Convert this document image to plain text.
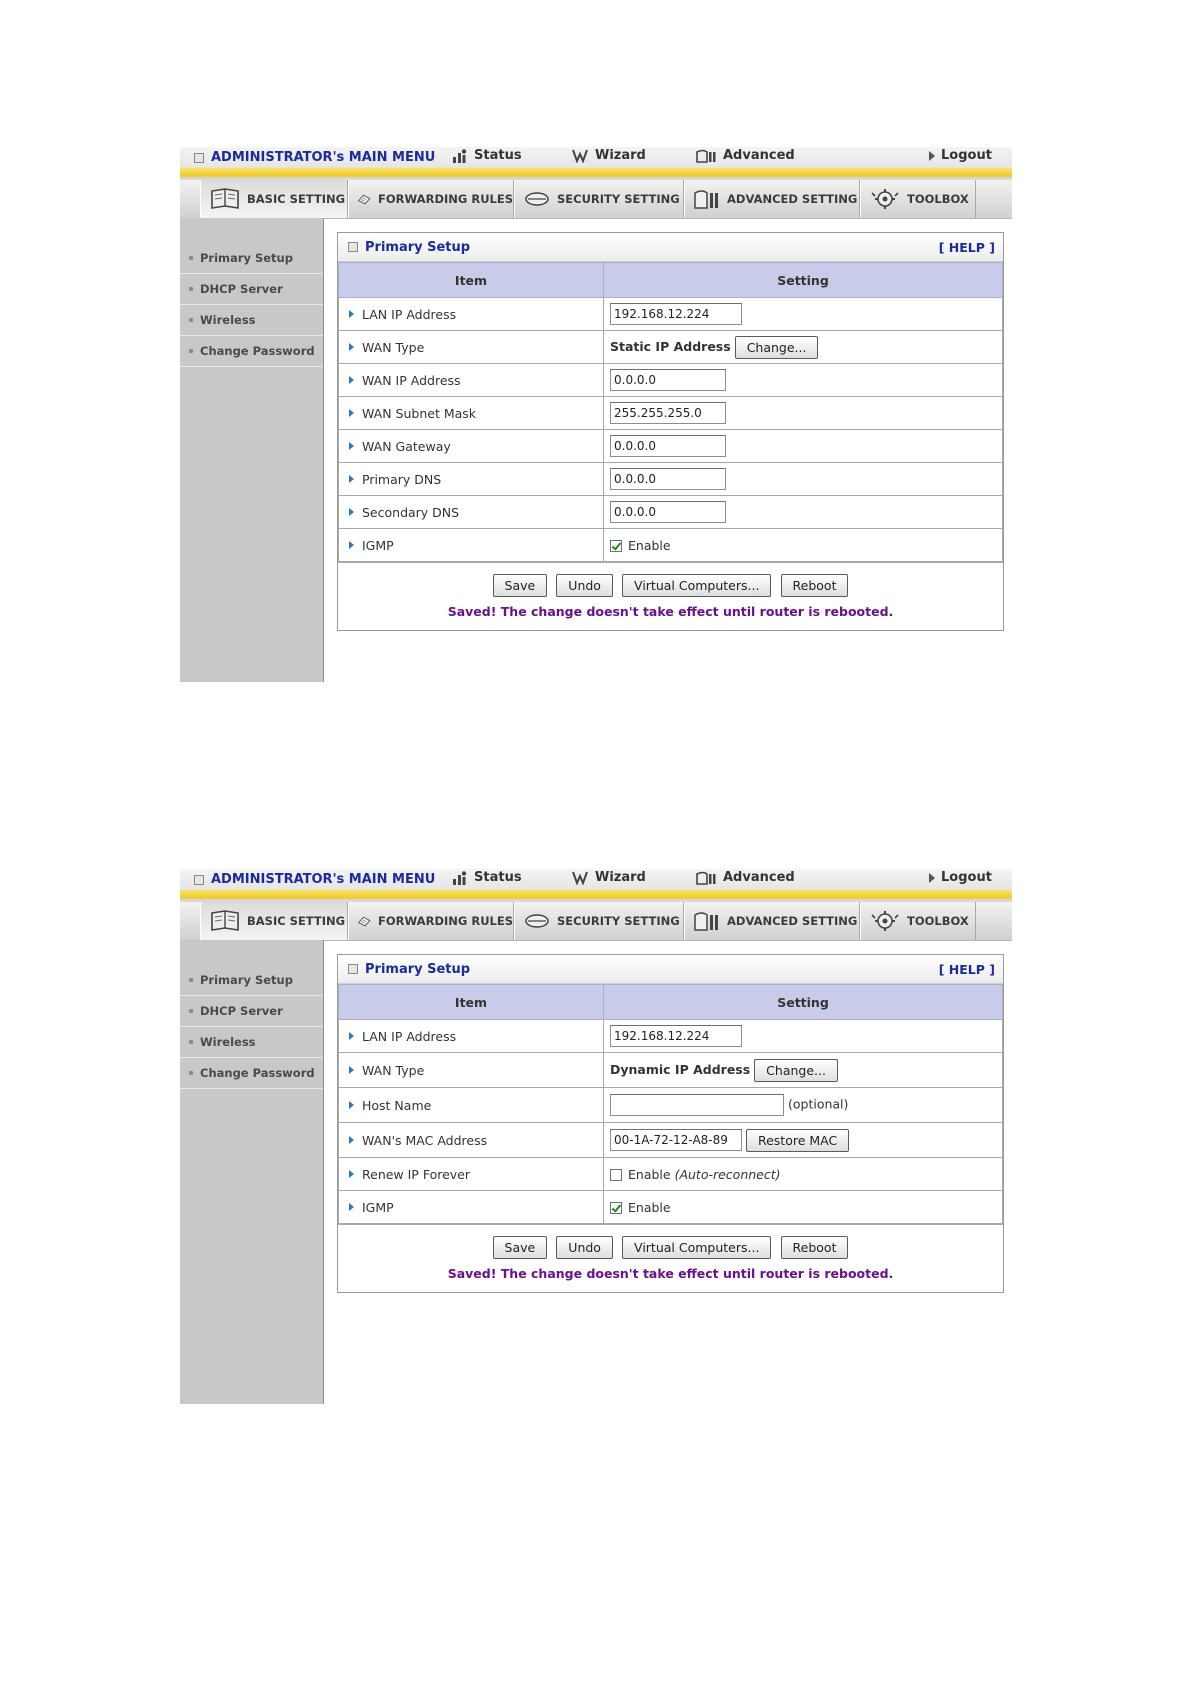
ADMINISTRATOR's MAIN MENU	Status	Wizard	Advanced	Logout
BASIC SETTING	FORWARDING RULES	SECURITY SETTING	ADVANCED SETTING	TOOLBOX
Primary Setup
DHCP Server
Wireless
Change Password
Primary Setup	[ HELP ]
Item	Setting
LAN IP Address	192.168.12.224
WAN Type	Static IP Address Change...
WAN IP Address	0.0.0.0
WAN Subnet Mask	255.255.255.0
WAN Gateway	0.0.0.0
Primary DNS	0.0.0.0
Secondary DNS	0.0.0.0
IGMP	Enable
Save	Undo	Virtual Computers...	Reboot
Saved! The change doesn't take effect until router is rebooted.
ADMINISTRATOR's MAIN MENU	Status	Wizard	Advanced	Logout
BASIC SETTING	FORWARDING RULES	SECURITY SETTING	ADVANCED SETTING	TOOLBOX
Primary Setup
DHCP Server
Wireless
Change Password
Primary Setup	[ HELP ]
Item	Setting
LAN IP Address	192.168.12.224
WAN Type	Dynamic IP Address Change...
Host Name	(optional)
WAN's MAC Address	00-1A-72-12-A8-89 Restore MAC
Renew IP Forever	Enable (Auto-reconnect)
IGMP	Enable
Save	Undo	Virtual Computers...	Reboot
Saved! The change doesn't take effect until router is rebooted.
